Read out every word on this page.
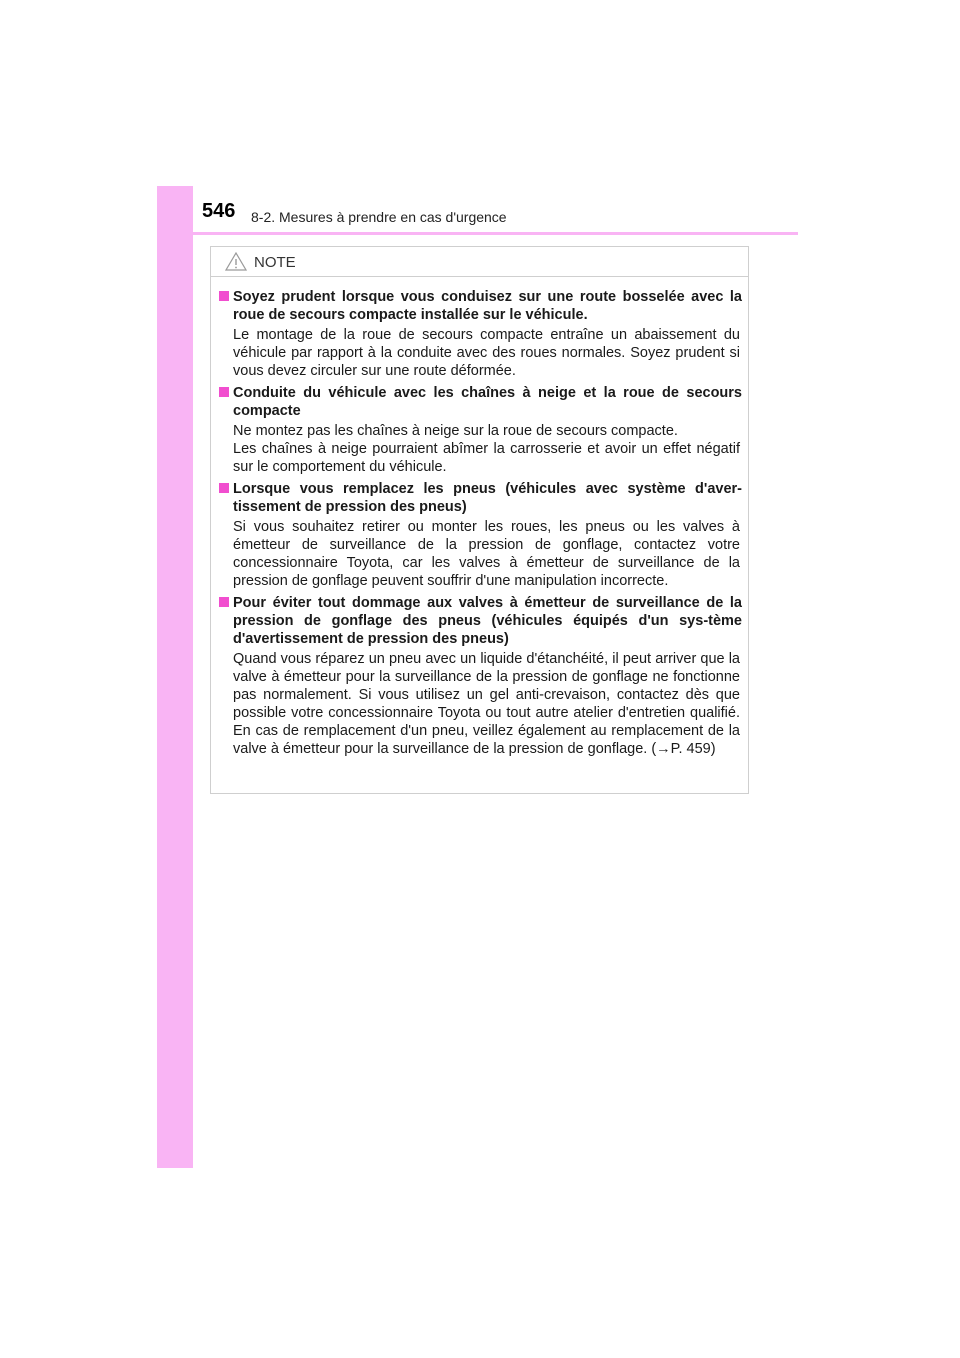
546 8-2. Mesures à prendre en cas d'urgence
NOTE
Soyez prudent lorsque vous conduisez sur une route bosselée avec la roue de secours compacte installée sur le véhicule.
Le montage de la roue de secours compacte entraîne un abaissement du véhicule par rapport à la conduite avec des roues normales. Soyez prudent si vous devez circuler sur une route déformée.
Conduite du véhicule avec les chaînes à neige et la roue de secours compacte
Ne montez pas les chaînes à neige sur la roue de secours compacte.
Les chaînes à neige pourraient abîmer la carrosserie et avoir un effet négatif sur le comportement du véhicule.
Lorsque vous remplacez les pneus (véhicules avec système d'aver-tissement de pression des pneus)
Si vous souhaitez retirer ou monter les roues, les pneus ou les valves à émetteur de surveillance de la pression de gonflage, contactez votre concessionnaire Toyota, car les valves à émetteur de surveillance de la pression de gonflage peuvent souffrir d'une manipulation incorrecte.
Pour éviter tout dommage aux valves à émetteur de surveillance de la pression de gonflage des pneus (véhicules équipés d'un sys-tème d'avertissement de pression des pneus)
Quand vous réparez un pneu avec un liquide d'étanchéité, il peut arriver que la valve à émetteur pour la surveillance de la pression de gonflage ne fonctionne pas normalement. Si vous utilisez un gel anti-crevaison, contactez dès que possible votre concessionnaire Toyota ou tout autre atelier d'entretien qualifié. En cas de remplacement d'un pneu, veillez également au remplacement de la valve à émetteur pour la surveillance de la pression de gonflage. (→P. 459)
